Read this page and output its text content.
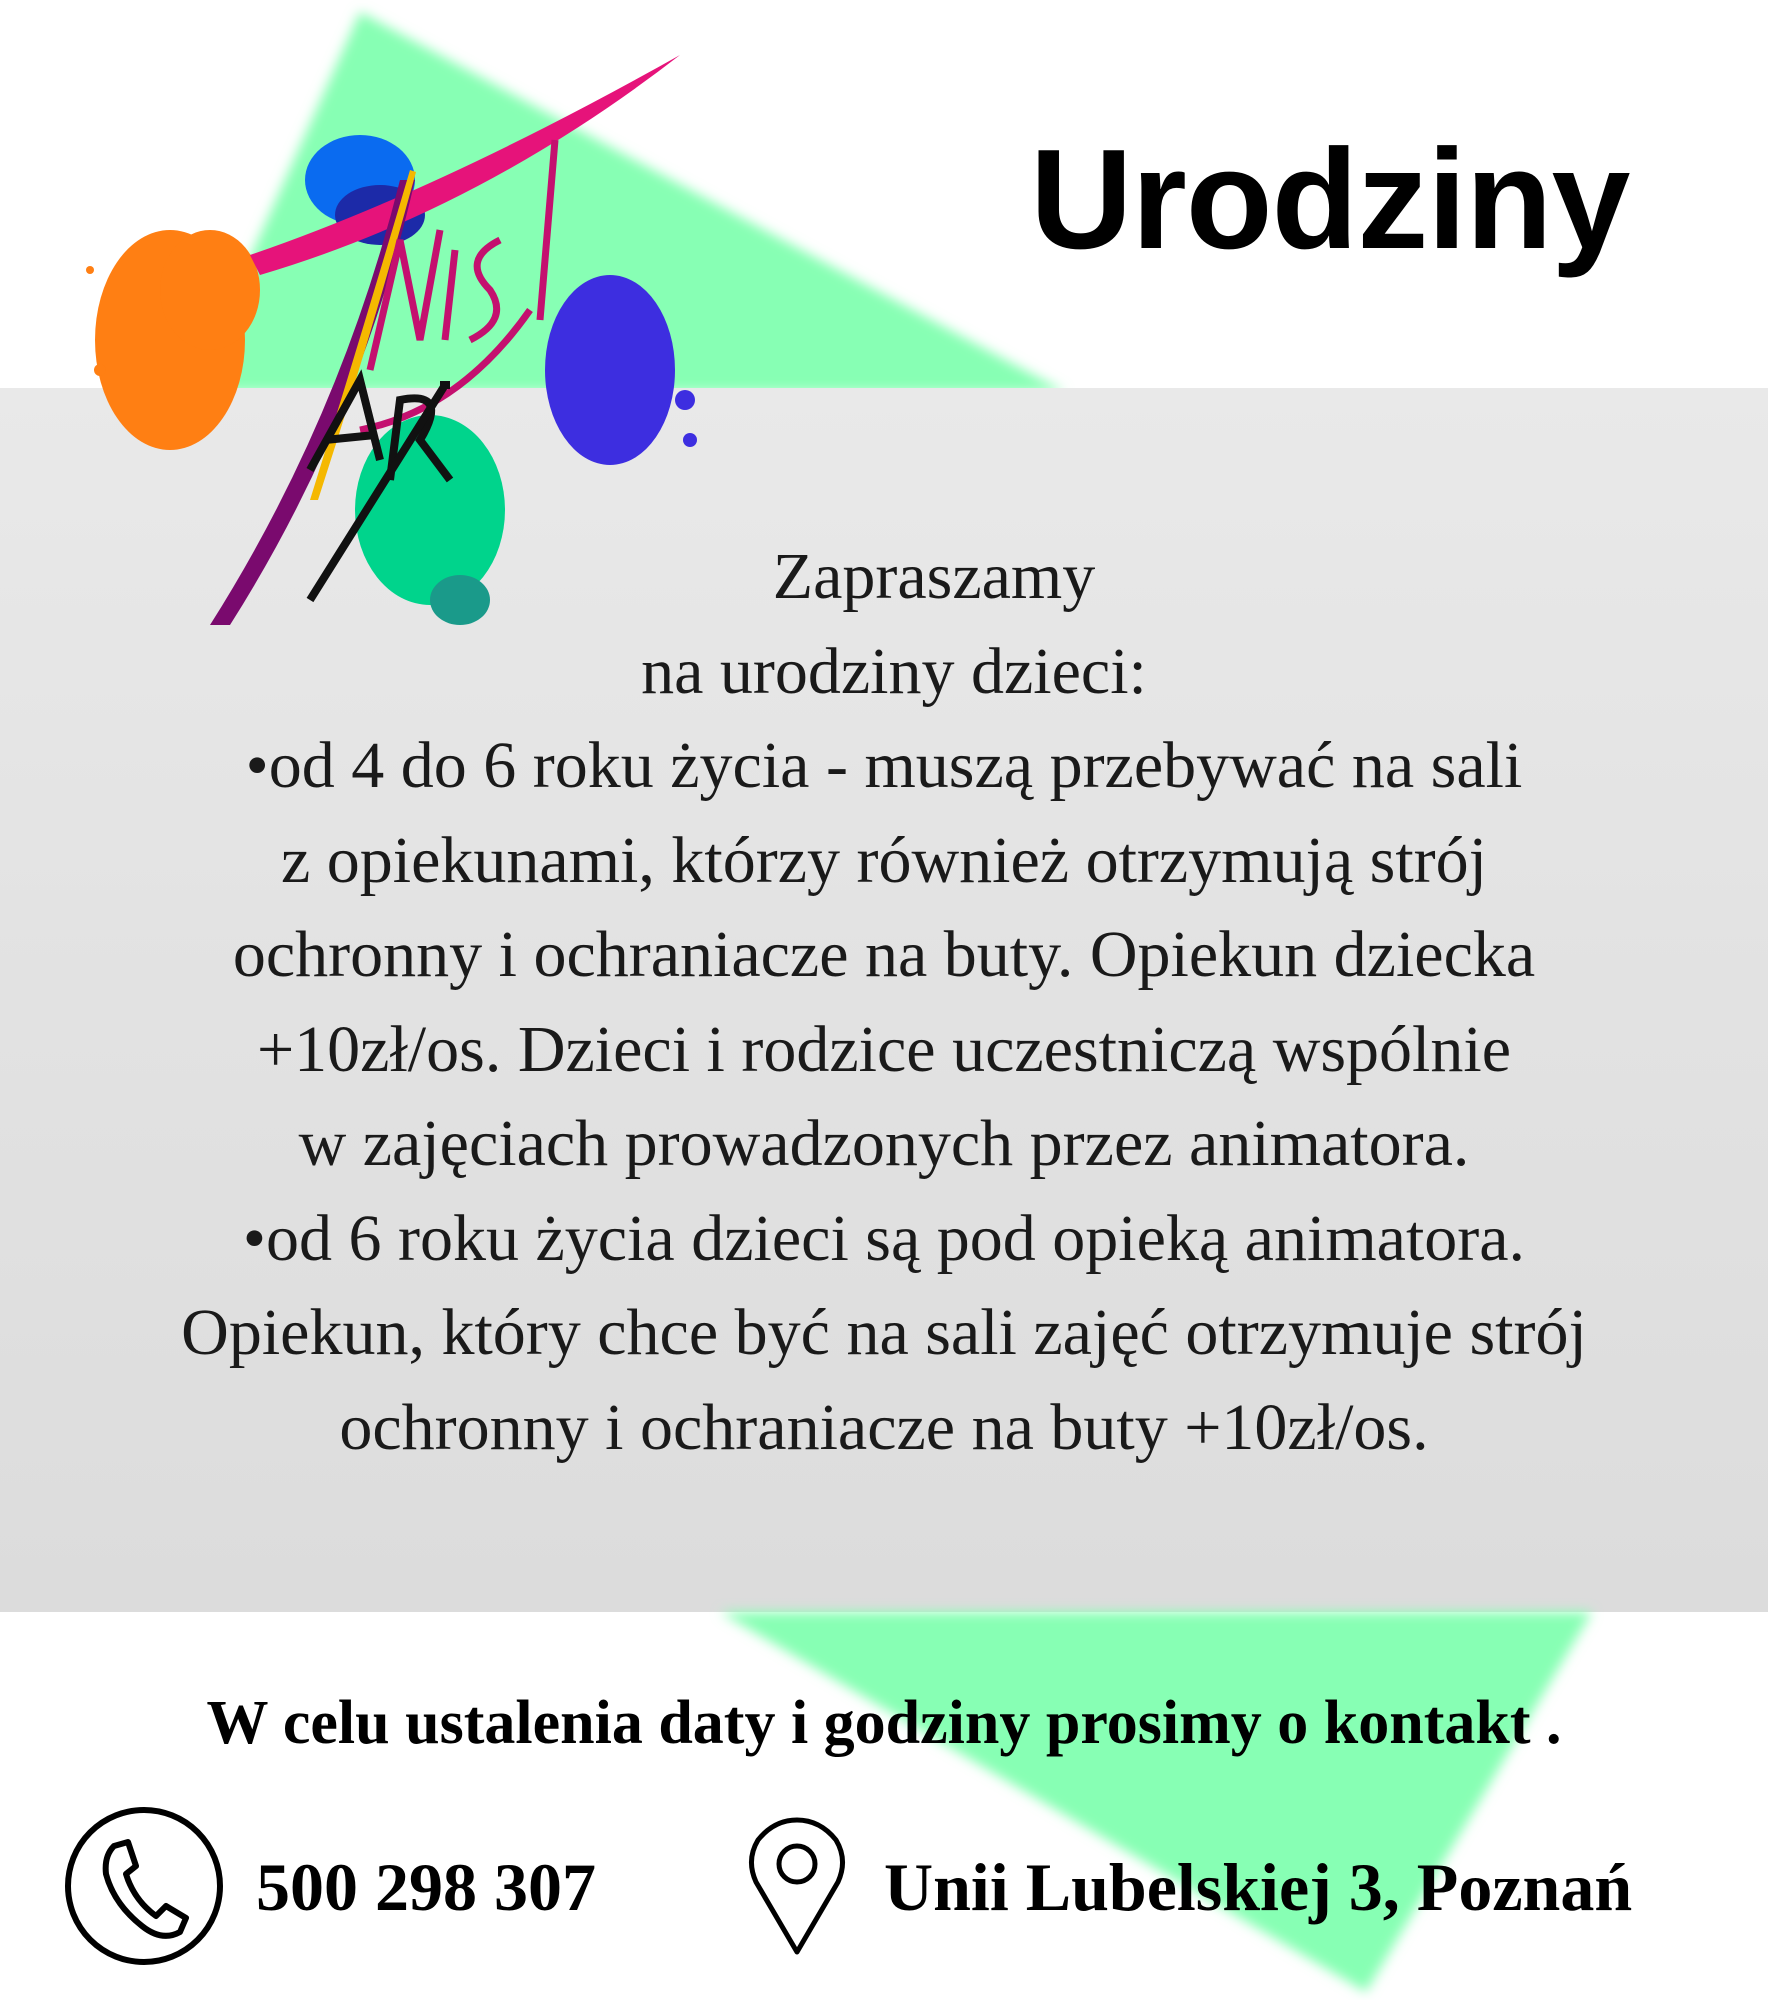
Urodziny
Zapraszamy
na urodziny dzieci:
•od 4 do 6 roku życia - muszą przebywać na sali
z opiekunami, którzy również otrzymują strój
ochronny i ochraniacze na buty. Opiekun dziecka
+10zł/os. Dzieci i rodzice uczestniczą wspólnie
w zajęciach prowadzonych przez animatora.
•od 6 roku życia dzieci są pod opieką animatora.
Opiekun, który chce być na sali zajęć otrzymuje strój
ochronny i ochraniacze na buty +10zł/os.
W celu ustalenia daty i godziny prosimy o kontakt .
500 298 307	Unii Lubelskiej 3, Poznań
